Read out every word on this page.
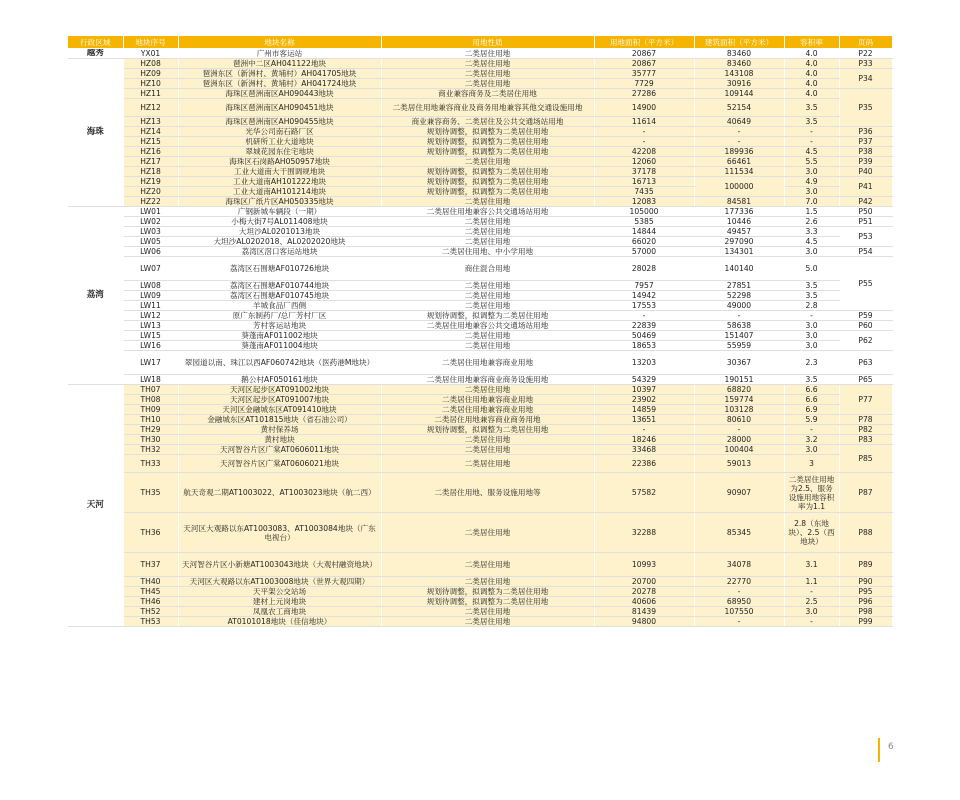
行政区域	地块序号	地块名称	用地性质	用地面积（平方米）	建筑面积（平方米）	容积率	页码	
越秀	YX01	广州市客运站	二类居住用地	20867	83460	4.0	P22	
海珠	HZ08	琶洲中二区AH041122地块	二类居住用地	20867	83460	4.0	P33	
	HZ09	琶洲东区（新洲村、黄埔村）AH041705地块	二类居住用地	35777	143108	4.0	P34	
	HZ10	琶洲东区（新洲村、黄埔村）AH041724地块	二类居住用地	7729	30916	4.0		
	HZ11	海珠区琶洲南区AH090443地块	商业兼容商务及二类居住用地	27286	109144	4.0	P35	
	HZ12	海珠区琶洲南区AH090451地块	二类居住用地兼容商业及商务用地兼容其他交通设施用地	14900	52154	3.5		
	HZ13	海珠区琶洲南区AH090455地块	商业兼容商务、二类居住及公共交通场站用地	11614	40649	3.5		
	HZ14	光华公司南石路厂区	规划待调整，拟调整为二类居住用地	-	-	-	P36	
	HZ15	机研所工业大道地块	规划待调整，拟调整为二类居住用地	-	-	-	P37	
	HZ16	翠城花园东住宅地块	规划待调整，拟调整为二类居住用地	42208	189936	4.5	P38	
	HZ17	海珠区石岗路AH050957地块	二类居住用地	12060	66461	5.5	P39	
	HZ18	工业大道南大干围调规地块	规划待调整，拟调整为二类居住用地	37178	111534	3.0	P40	
	HZ19	工业大道南AH101222地块	规划待调整，拟调整为二类居住用地	16713	100000	4.9	P41	
	HZ20	工业大道南AH101214地块	规划待调整，拟调整为二类居住用地	7435		3.0		
	HZ22	海珠区广纸片区AH050335地块	二类居住用地	12083	84581	7.0	P42	
荔湾	LW01	广钢新城车辆段（一期）	二类居住用地兼容公共交通场站用地	105000	177336	1.5	P50	
	LW02	小梅大街7号AL011408地块	二类居住用地	5385	10446	2.6	P51	
	LW03	大坦沙AL0201013地块	二类居住用地	14844	49457	3.3	P53	
	LW05	大坦沙AL0202018、AL0202020地块	二类居住用地	66020	297090	4.5		
	LW06	荔湾区滘口客运站地块	二类居住用地、中小学用地	57000	134301	3.0	P54	
	LW07	荔湾区石围塘AF010726地块	商住混合用地	28028	140140	5.0	P55	
	LW08	荔湾区石围塘AF010744地块	二类居住用地	7957	27851	3.5		
	LW09	荔湾区石围塘AF010745地块	二类居住用地	14942	52298	3.5		
	LW11	羊城食品厂西侧	二类居住用地	17553	49000	2.8	
	LW12	原广东制药厂/总厂芳村厂区	规划待调整，拟调整为二类居住用地	-	-	-	P59	
	LW13	芳村客运站地块	二类居住用地兼容公共交通场站用地	22839	58638	3.0	P60	
	LW15	葵蓬南AF011002地块	二类居住用地	50469	151407	3.0	P62	
	LW16	葵蓬南AF011004地块	二类居住用地	18653	55959	3.0		
	LW17	翠园道以南、珠江以西AF060742地块（医药港M地块）	二类居住用地兼容商业用地	13203	30367	2.3	P63	
	LW18	鹅公村AF050161地块	二类居住用地兼容商业商务设施用地	54329	190151	3.5	P65	
天河	TH07	天河区起步区AT091002地块	二类居住用地	10397	68820	6.6	P77	
	TH08	天河区起步区AT091007地块	二类居住用地兼容商业用地	23902	159774	6.6		
	TH09	天河区金融城东区AT091410地块	二类居住用地兼容商业用地	14859	103128	6.9		
	TH10	金融城东区AT101815地块（省石油公司）	二类居住用地兼容商业商务用地	13651	80610	5.9	P78	
	TH29	黄村保养场	规划待调整，拟调整为二类居住用地	-	-	-	P82	
	TH30	黄村地块	二类居住用地	18246	28000	3.2	P83	
	TH32	天河智谷片区广棠AT0606011地块	二类居住用地	33468	100404	3.0	P85	
	TH33	天河智谷片区广棠AT0606021地块	二类居住用地	22386	59013	3		
	TH35	航天奇观二期AT1003022、AT1003023地块（航二西）	二类居住用地、服务设施用地等	57582	90907	二类居住用地为2.5、服务设施用地容积率为1.1	P87	
	TH36	天河区大观路以东AT1003083、AT1003084地块（广东电视台）	二类居住用地	32288	85345	2.8（东地块）、2.5（西地块）	P88	
	TH37	天河智谷片区小新塘AT1003043地块（大观村融资地块）	二类居住用地	10993	34078	3.1	P89	
	TH40	天河区大观路以东AT1003008地块（世界大观四期）	二类居住用地	20700	22770	1.1	P90	
	TH45	天平架公交站场	规划待调整，拟调整为二类居住用地	20278	-	-	P95	
	TH46	建材上元岗地块	规划待调整，拟调整为二类居住用地	40606	68950	2.5	P96	
	TH52	凤凰农工商地块	二类居住用地	81439	107550	3.0	P98	
	TH53	AT0101018地块（佳信地块）	二类居住用地	94800	-	-	P99	
6
